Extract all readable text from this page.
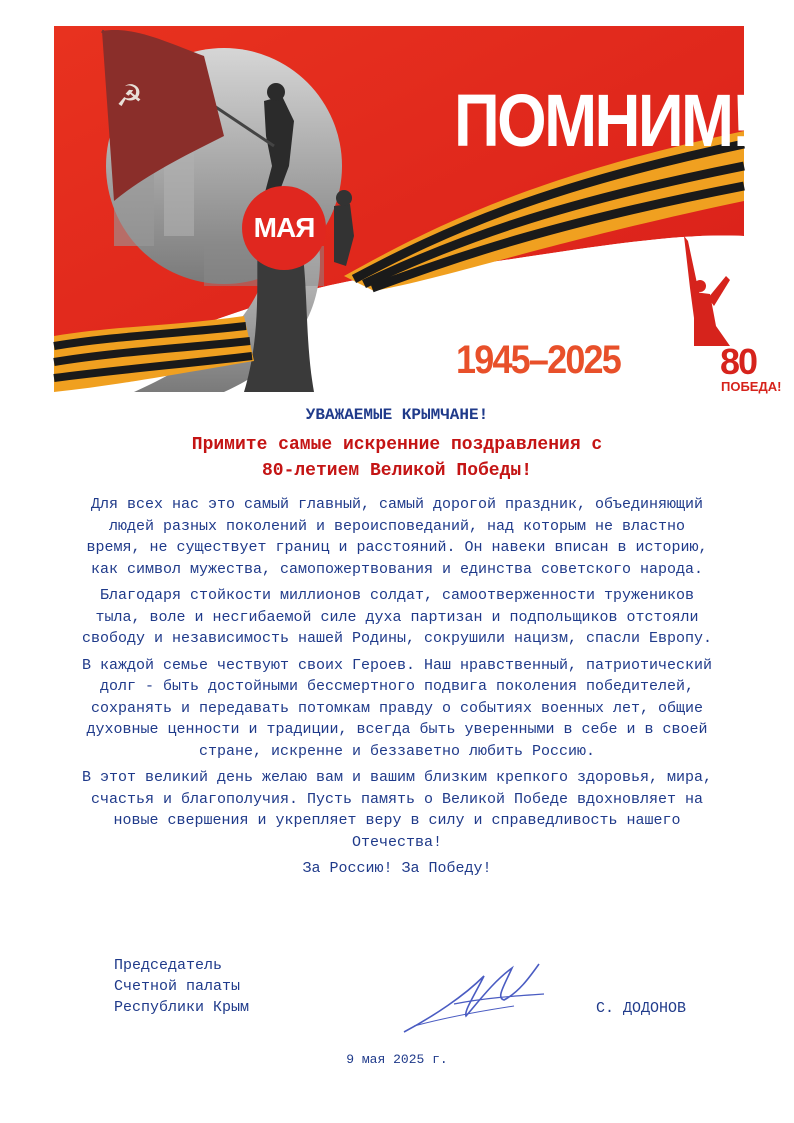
☭
МАЯ
ПОМНИМ!
1945–2025	80
ПОБЕДА!
УВАЖАЕМЫЕ КРЫМЧАНЕ!
Примите самые искренние поздравления с
80-летием Великой Победы!

Для всех нас это самый главный, самый дорогой праздник, объединяющий людей разных поколений и вероисповеданий, над которым не властно время, не существует границ и расстояний. Он навеки вписан в историю, как символ мужества, самопожертвования и единства советского народа.

Благодаря стойкости миллионов солдат, самоотверженности тружеников тыла, воле и несгибаемой силе духа партизан и подпольщиков отстояли свободу и независимость нашей Родины, сокрушили нацизм, спасли Европу.

В каждой семье чествуют своих Героев. Наш нравственный, патриотический долг - быть достойными бессмертного подвига поколения победителей, сохранять и передавать потомкам правду о событиях военных лет, общие духовные ценности и традиции, всегда быть уверенными в себе и в своей стране, искренне и беззаветно любить Россию.

В этот великий день желаю вам и вашим близким крепкого здоровья, мира, счастья и благополучия. Пусть память о Великой Победе вдохновляет на новые свершения и укрепляет веру в силу и справедливость нашего Отечества!

За Россию! За Победу!

Председатель
Счетной палаты
Республики Крым	С. ДОДОНОВ
9 мая 2025 г.
